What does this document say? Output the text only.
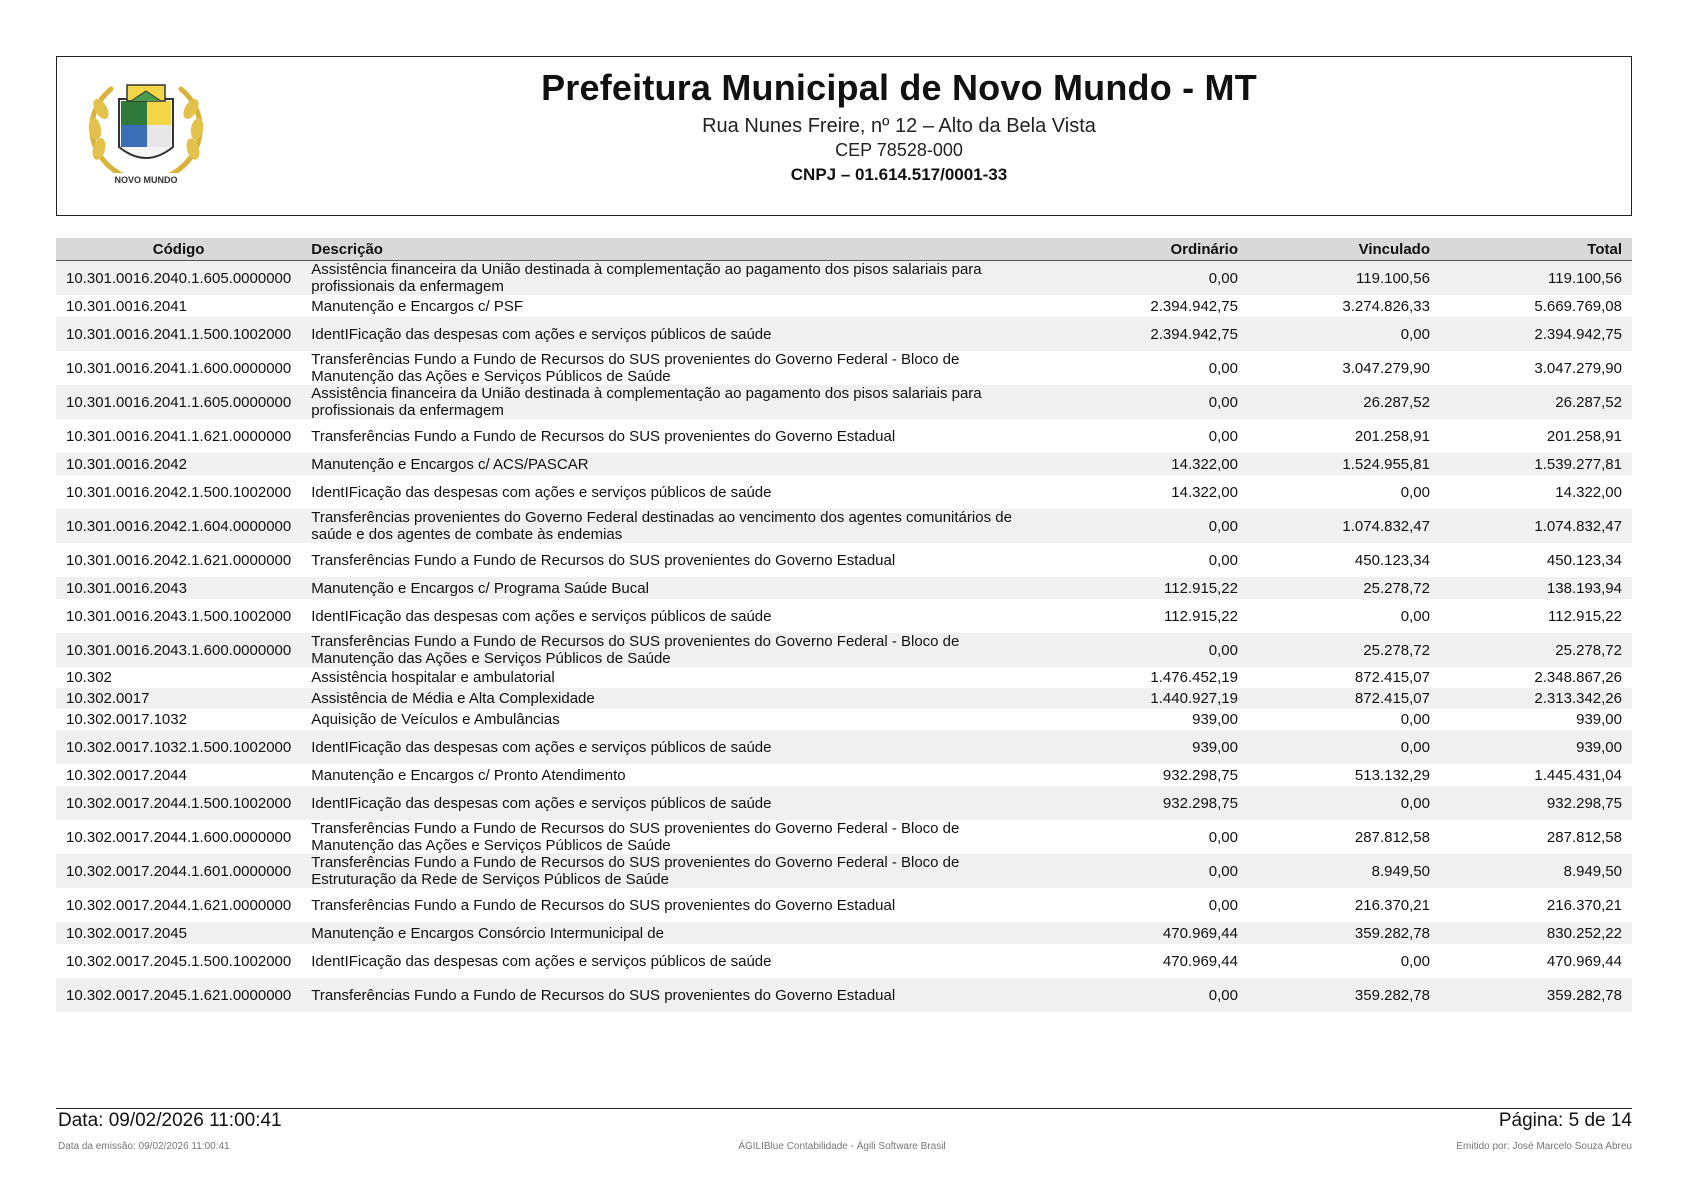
NOVO MUNDO
Prefeitura Municipal de Novo Mundo - MT
Rua Nunes Freire, nº 12 – Alto da Bela Vista
CEP 78528-000
CNPJ – 01.614.517/0001-33
Código	Descrição	Ordinário	Vinculado	Total
10.301.0016.2040.1.605.0000000	Assistência financeira da União destinada à complementação ao pagamento dos pisos salariais para profissionais da enfermagem	0,00	119.100,56	119.100,56
10.301.0016.2041	Manutenção e Encargos c/ PSF	2.394.942,75	3.274.826,33	5.669.769,08
10.301.0016.2041.1.500.1002000	IdentIFicação das despesas com ações e serviços públicos de saúde	2.394.942,75	0,00	2.394.942,75
10.301.0016.2041.1.600.0000000	Transferências Fundo a Fundo de Recursos do SUS provenientes do Governo Federal - Bloco de Manutenção das Ações e Serviços Públicos de Saúde	0,00	3.047.279,90	3.047.279,90
10.301.0016.2041.1.605.0000000	Assistência financeira da União destinada à complementação ao pagamento dos pisos salariais para profissionais da enfermagem	0,00	26.287,52	26.287,52
10.301.0016.2041.1.621.0000000	Transferências Fundo a Fundo de Recursos do SUS provenientes do Governo Estadual	0,00	201.258,91	201.258,91
10.301.0016.2042	Manutenção e Encargos c/ ACS/PASCAR	14.322,00	1.524.955,81	1.539.277,81
10.301.0016.2042.1.500.1002000	IdentIFicação das despesas com ações e serviços públicos de saúde	14.322,00	0,00	14.322,00
10.301.0016.2042.1.604.0000000	Transferências provenientes do Governo Federal destinadas ao vencimento dos agentes comunitários de saúde e dos agentes de combate às endemias	0,00	1.074.832,47	1.074.832,47
10.301.0016.2042.1.621.0000000	Transferências Fundo a Fundo de Recursos do SUS provenientes do Governo Estadual	0,00	450.123,34	450.123,34
10.301.0016.2043	Manutenção e Encargos c/ Programa Saúde Bucal	112.915,22	25.278,72	138.193,94
10.301.0016.2043.1.500.1002000	IdentIFicação das despesas com ações e serviços públicos de saúde	112.915,22	0,00	112.915,22
10.301.0016.2043.1.600.0000000	Transferências Fundo a Fundo de Recursos do SUS provenientes do Governo Federal - Bloco de Manutenção das Ações e Serviços Públicos de Saúde	0,00	25.278,72	25.278,72
10.302	Assistência hospitalar e ambulatorial	1.476.452,19	872.415,07	2.348.867,26
10.302.0017	Assistência de Média e Alta Complexidade	1.440.927,19	872.415,07	2.313.342,26
10.302.0017.1032	Aquisição de Veículos e Ambulâncias	939,00	0,00	939,00
10.302.0017.1032.1.500.1002000	IdentIFicação das despesas com ações e serviços públicos de saúde	939,00	0,00	939,00
10.302.0017.2044	Manutenção e Encargos c/ Pronto Atendimento	932.298,75	513.132,29	1.445.431,04
10.302.0017.2044.1.500.1002000	IdentIFicação das despesas com ações e serviços públicos de saúde	932.298,75	0,00	932.298,75
10.302.0017.2044.1.600.0000000	Transferências Fundo a Fundo de Recursos do SUS provenientes do Governo Federal - Bloco de Manutenção das Ações e Serviços Públicos de Saúde	0,00	287.812,58	287.812,58
10.302.0017.2044.1.601.0000000	Transferências Fundo a Fundo de Recursos do SUS provenientes do Governo Federal - Bloco de Estruturação da Rede de Serviços Públicos de Saúde	0,00	8.949,50	8.949,50
10.302.0017.2044.1.621.0000000	Transferências Fundo a Fundo de Recursos do SUS provenientes do Governo Estadual	0,00	216.370,21	216.370,21
10.302.0017.2045	Manutenção e Encargos Consórcio Intermunicipal de	470.969,44	359.282,78	830.252,22
10.302.0017.2045.1.500.1002000	IdentIFicação das despesas com ações e serviços públicos de saúde	470.969,44	0,00	470.969,44
10.302.0017.2045.1.621.0000000	Transferências Fundo a Fundo de Recursos do SUS provenientes do Governo Estadual	0,00	359.282,78	359.282,78
Data: 09/02/2026 11:00:41	Página: 5 de 14
Data da emissão: 09/02/2026 11:00:41	ÁGILIBlue Contabilidade - Ágili Software Brasil	Emitido por: José Marcelo Souza Abreu
